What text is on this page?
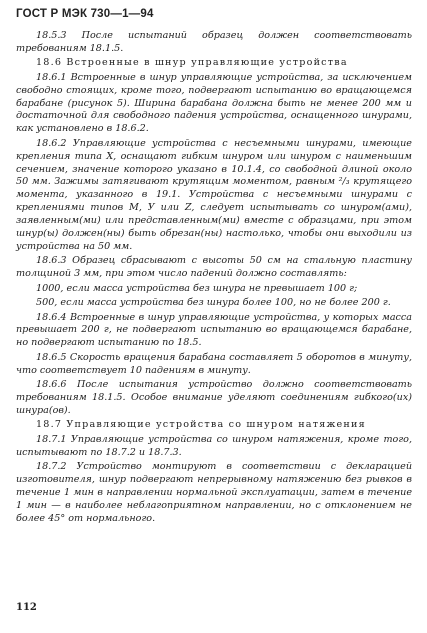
ГОСТ Р МЭК 730—1—94

18.5.3 После испытаний образец должен соответствовать требованиям 18.1.5.

18.6 Встроенные в шнур управляющие устройства

18.6.1 Встроенные в шнур управляющие устройства, за исключением свободно стоящих, кроме того, подвергают испытанию во вращающемся барабане (рисунок 5). Ширина барабана должна быть не менее 200 мм и достаточной для свободного падения устройства, оснащенного шнурами, как установлено в 18.6.2.

18.6.2 Управляющие устройства с несъемными шнурами, имеющие крепления типа X, оснащают гибким шнуром или шнуром с наименьшим сечением, значение которого указано в 10.1.4, со свободной длиной около 50 мм. Зажимы затягивают крутящим моментом, равным ²/₃ крутящего момента, указанного в 19.1. Устройства с несъемными шнурами с креплениями типов М, У или Z, следует испытывать со шнуром(ами), заявленным(ми) или представленным(ми) вместе с образцами, при этом шнур(ы) должен(ны) быть обрезан(ны) настолько, чтобы они выходили из устройства на 50 мм.

18.6.3 Образец сбрасывают с высоты 50 см на стальную пластину толщиной 3 мм, при этом число падений должно составлять:

1000, если масса устройства без шнура не превышает 100 г;

500, если масса устройства без шнура более 100, но не более 200 г.

18.6.4 Встроенные в шнур управляющие устройства, у которых масса превышает 200 г, не подвергают испытанию во вращающемся барабане, но подвергают испытанию по 18.5.

18.6.5 Скорость вращения барабана составляет 5 оборотов в минуту, что соответствует 10 падениям в минуту.

18.6.6 После испытания устройство должно соответствовать требованиям 18.1.5. Особое внимание уделяют соединениям гибкого(их) шнура(ов).

18.7 Управляющие устройства со шнуром натяжения

18.7.1 Управляющие устройства со шнуром натяжения, кроме того, испытывают по 18.7.2 и 18.7.3.

18.7.2 Устройство монтируют в соответствии с декларацией изготовителя, шнур подвергают непрерывному натяжению без рывков в течение 1 мин в направлении нормальной эксплуатации, затем в течение 1 мин — в наиболее неблагоприятном направлении, но с отклонением не более 45° от нормального.

112
